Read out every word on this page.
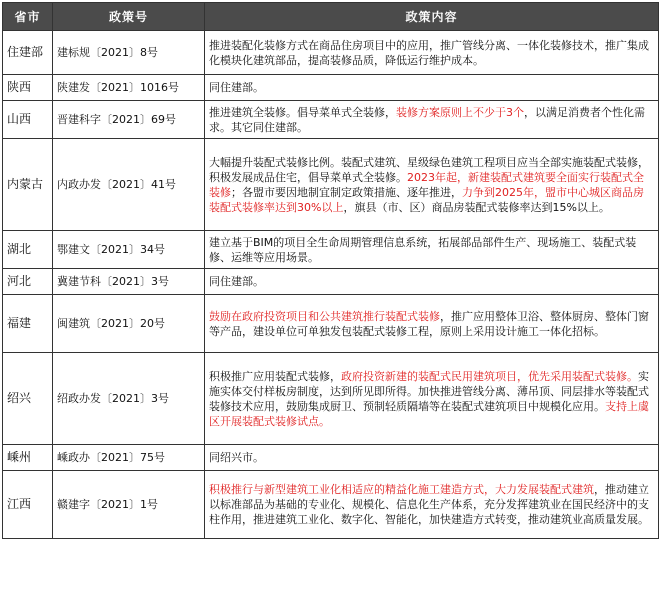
省市	政策号	政策内容
住建部	建标规〔2021〕8号	推进装配化装修方式在商品住房项目中的应用，推广管线分离、一体化装修技术，推广集成化模块化建筑部品，提高装修品质，降低运行维护成本。
陕西	陕建发〔2021〕1016号	同住建部。
山西	晋建科字〔2021〕69号	推进建筑全装修。倡导菜单式全装修，装修方案原则上不少于3个，以满足消费者个性化需求。其它同住建部。
内蒙古	内政办发〔2021〕41号	大幅提升装配式装修比例。装配式建筑、星级绿色建筑工程项目应当全部实施装配式装修，积极发展成品住宅，倡导菜单式全装修。2023年起，新建装配式建筑要全面实行装配式全装修；各盟市要因地制宜制定政策措施、逐年推进，力争到2025年，盟市中心城区商品房装配式装修率达到30%以上，旗县（市、区）商品房装配式装修率达到15%以上。
湖北	鄂建文〔2021〕34号	建立基于BIM的项目全生命周期管理信息系统，拓展部品部件生产、现场施工、装配式装修、运维等应用场景。
河北	冀建节科〔2021〕3号	同住建部。
福建	闽建筑〔2021〕20号	鼓励在政府投资项目和公共建筑推行装配式装修，推广应用整体卫浴、整体厨房、整体门窗等产品，建设单位可单独发包装配式装修工程，原则上采用设计施工一体化招标。
绍兴	绍政办发〔2021〕3号	积极推广应用装配式装修，政府投资新建的装配式民用建筑项目，优先采用装配式装修。实施实体交付样板房制度，达到所见即所得。加快推进管线分离、薄吊顶、同层排水等装配式装修技术应用，鼓励集成厨卫、预制轻质隔墙等在装配式建筑项目中规模化应用。支持上虞区开展装配式装修试点。
嵊州	嵊政办〔2021〕75号	同绍兴市。
江西	赣建字〔2021〕1号	积极推行与新型建筑工业化相适应的精益化施工建造方式，大力发展装配式建筑，推动建立以标准部品为基础的专业化、规模化、信息化生产体系，充分发挥建筑业在国民经济中的支柱作用，推进建筑工业化、数字化、智能化，加快建造方式转变，推动建筑业高质量发展。
